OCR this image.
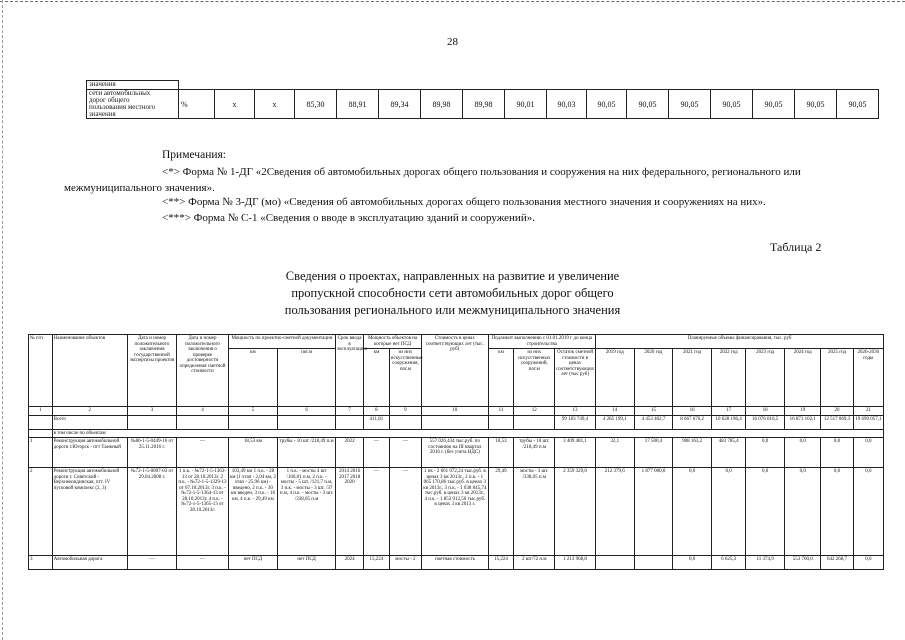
28
значения																	
сети автомобильных
дорог общего
пользования местного
значения	%	x	x	85,30	88,91	89,34	89,98	89,98	90,01	90,03	90,05	90,05	90,05	90,05	90,05	90,05	90,05
Примечания:
<*> Форма № 1-ДГ «2Сведения об автомобильных дорогах общего пользования и сооружения на них федерального, регионального или межмуниципального значения».
<**> Форма № 3-ДГ (мо) «Сведения об автомобильных дорогах общего пользования местного значения и сооружениях на них».
<***> Форма № С-1 «Сведения о вводе в эксплуатацию зданий и сооружений».
Таблица 2
Сведения о проектах, направленных на развитие и увеличение
пропускной способности сети автомобильных дорог общего
пользования регионального или межмуниципального значения
№ п/п	Наименование объектов	Дата и номер положительного заключения государственной экспертизы проектов	Дата и номер положительного заключения о проверке достоверности определения сметной стоимости	Мощность по проектно-сметной документации		Срок ввода в эксплуатацию	Мощность объектов на которые нет ПСД		Стоимость в ценах соответствующих лет (тыс. руб)	Подлежит выполнению с 01.01.2019 г до конца строительства			Планируемые объемы финансирования, тыс. руб							
				км	пог.м		км	из них искусственные сооружения, пог.м		км	из них искусственных сооружений, пог.м	Остаток сметной стоимости в ценах соответствующих лет (тыс руб)	2019 год	2020 год	2021 год	2022 год	2023 год	2024 год	2025 год	2026-2030 годы
1	2	3	4	5	6	7	8	9	10	11	12	13	14	15	16	17	18	19	20	21
	Всего						411,81					99 183 749,4	4 285 199,1	4 453 402,7	8 667 676,2	10 628 196,4	16 076 016,5	16 871 102,1	12 517 069,3	19 699 057,1
	в том числе по объектам																			
1	Реконструкция автомобильной дороги г.Югорск - пгт Таежный	№86-1-5-0449-16 от 25.11.2016 г.	—	18,53 км	трубы - 10 шт /218,49 п.м	2022	—	—	557 026,434 тыс.руб. по состоянию на III квартал 2016 г. (без учета НДС)	18,53	трубы - 10 шт. /218,49 п.м	3 409 481,1	32,1	17 500,4	908 163,2	483 785,4	0,0	0,0	0,0	0,0
2	Реконструкция автомобильной дороги г. Советский - Верхнекондинская, пгт. IV пусковой комплекс (2, 3)	№72-1-5-0007-03 от 29.04.2008 г.	1 п.к. - №72-1-5-1363-13 от 28.10.2013г. 2 п.к. - №72-1-5-1329-13 от 07.10.2013г. 3 п.к. - №72-1-5-1364-13 от 28.10.2013г. 4 п.к. - №72-1-5-1365-13 от 28.10.2013г.	103,49 км 1 п.к. - 28 км (1 этап - 2,04 км, 2 этап - 25,96 км) - введено, 2 п.к. - 30 км введен, 3 п.к. - 16 км, 4 п.к. - 29,49 км	1 п.к. - мосты 4 шт /160,01 п.м, 2 п.к. - мосты - 5 шт. /121,7 п.м, 3 п.к. - мосты - 3 шт. /37 п.м, 4 п.к. - мосты - 3 шт. /338,05 п.м	2014 2016 2017 2018 2020	—	—	1 пк - 2 661 072,24 тыс.руб. в ценах 3 кв 2013г., 2 п.к. - 1 065 170,86 тыс.руб. в ценах 3 кв 2013г., 3 п.к. - 1 038 845,74 тыс.руб. в ценах 3 кв 2013г., 4 п.к. - 1 853 912,56 тыс.руб. в ценах 3 кв 2013 г.	29,49	мосты - 3 шт. /338,05 п.м	2 359 329,0	212 379,6	1 877 000,0	0,0	0,0	0,0	0,0	0,0	0,0
3	Автомобильная дорога	—	—	нет ПСД	нет ПСД	2024	15,224	мосты - 2	сметная стоимость	15,224	2 шт/72 п.м	1 213 968,8			0,0	6 625,3	11 374,9	553 700,0	642 268,7	0,0
